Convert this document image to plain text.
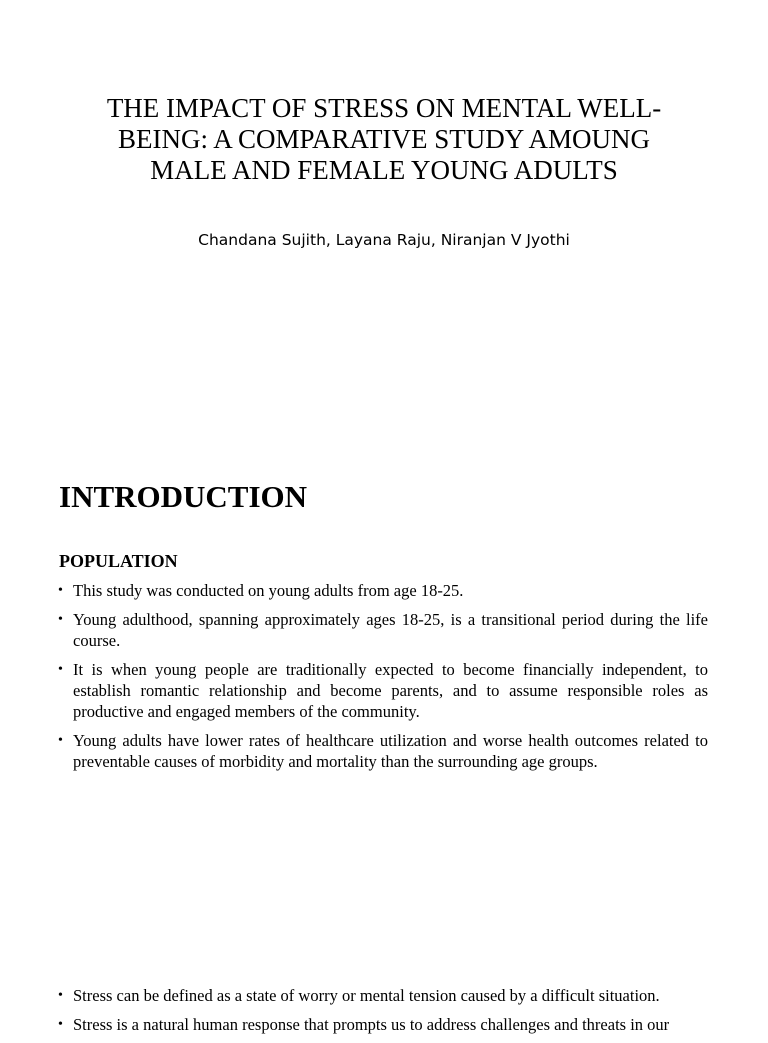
THE IMPACT OF STRESS ON MENTAL WELL-BEING: A COMPARATIVE STUDY AMOUNG MALE AND FEMALE YOUNG ADULTS

Chandana Sujith, Layana Raju, Niranjan V Jyothi

INTRODUCTION
POPULATION
• This study was conducted on young adults from age 18-25.
• Young adulthood, spanning approximately ages 18-25, is a transitional period during the life course.
• It is when young people are traditionally expected to become financially independent, to establish romantic relationship and become parents, and to assume responsible roles as productive and engaged members of the community.
• Young adults have lower rates of healthcare utilization and worse health outcomes related to preventable causes of morbidity and mortality than the surrounding age groups.
• Stress can be defined as a state of worry or mental tension caused by a difficult situation.
• Stress is a natural human response that prompts us to address challenges and threats in our
